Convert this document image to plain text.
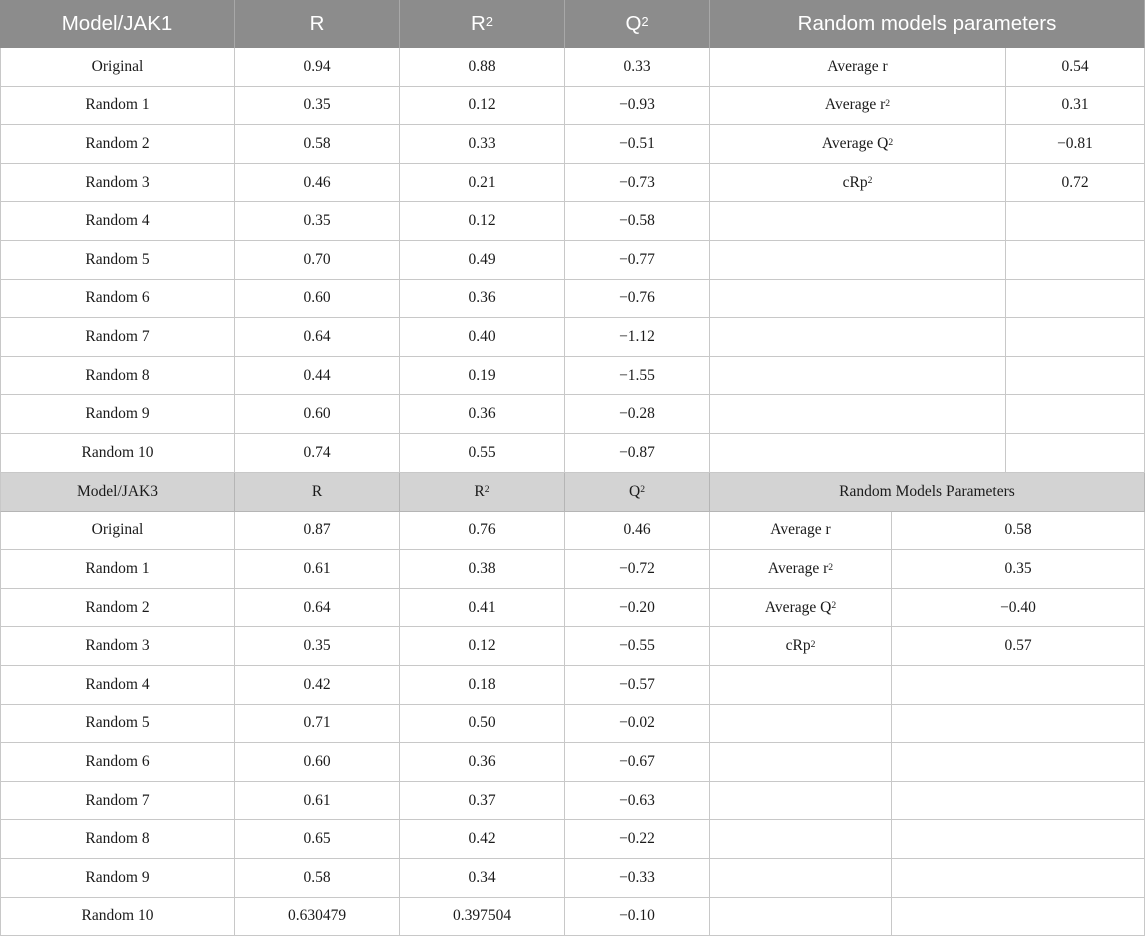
Model/JAK1	R	$R^2$	$Q^2$	Random models parameters
Original	0.94	0.88	0.33	Average r	0.54
Random 1	0.35	0.12	−0.93	Average $r^2$	0.31
Random 2	0.58	0.33	−0.51	Average $Q^2$	−0.81
Random 3	0.46	0.21	−0.73	cRp$^2$	0.72
Random 4	0.35	0.12	−0.58
Random 5	0.70	0.49	−0.77
Random 6	0.60	0.36	−0.76
Random 7	0.64	0.40	−1.12
Random 8	0.44	0.19	−1.55
Random 9	0.60	0.36	−0.28
Random 10	0.74	0.55	−0.87
Model/JAK3	R	$R^2$	$Q^2$	Random Models Parameters
Original	0.87	0.76	0.46	Average r	0.58
Random 1	0.61	0.38	−0.72	Average $r^2$	0.35
Random 2	0.64	0.41	−0.20	Average $Q^2$	−0.40
Random 3	0.35	0.12	−0.55	cRp$^2$	0.57
Random 4	0.42	0.18	−0.57
Random 5	0.71	0.50	−0.02
Random 6	0.60	0.36	−0.67
Random 7	0.61	0.37	−0.63
Random 8	0.65	0.42	−0.22
Random 9	0.58	0.34	−0.33
Random 10	0.630479	0.397504	−0.10
